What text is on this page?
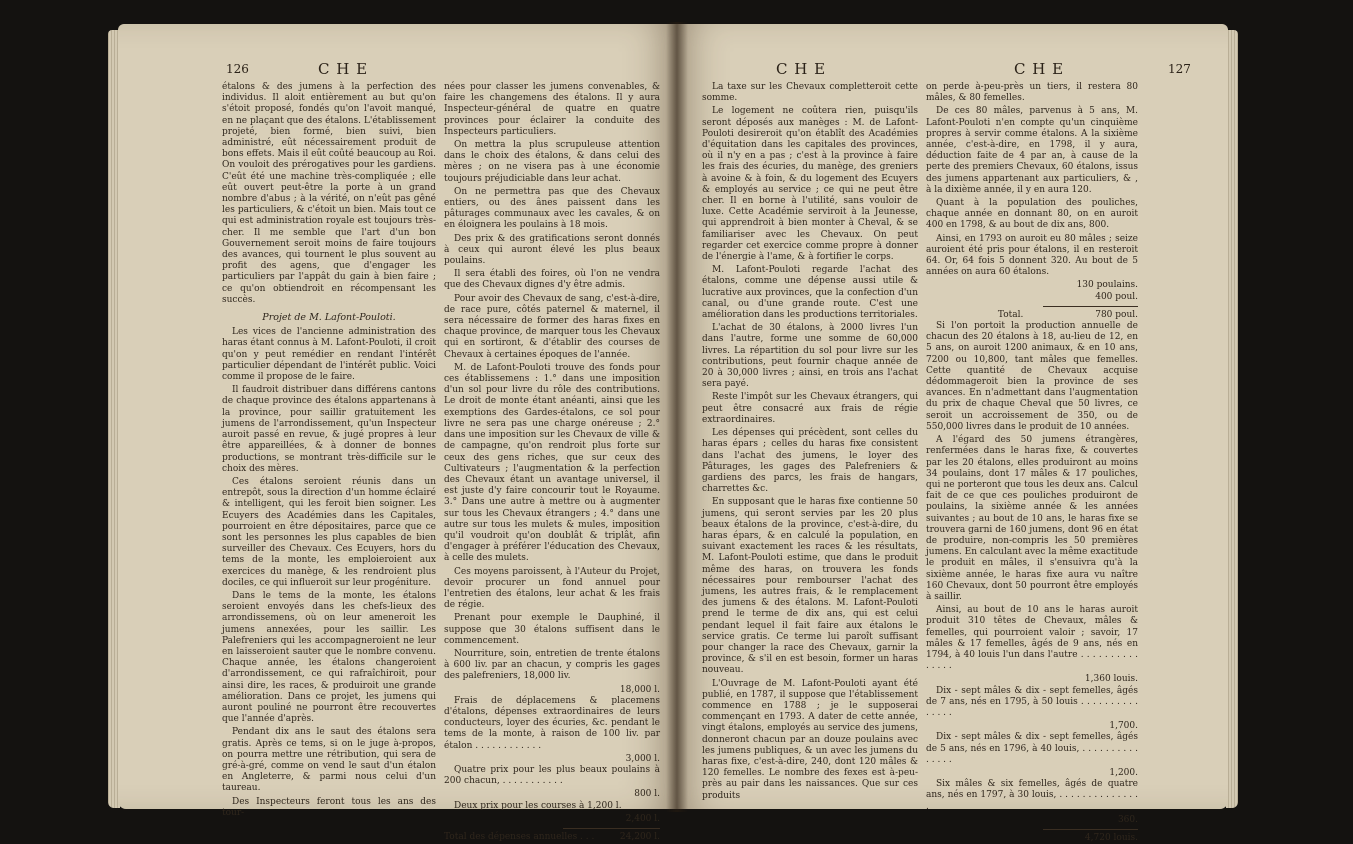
126	C H E

étalons & des jumens à la perfection des individus. Il aloit entièrement au but qu'on s'étoit proposé, fondés qu'on l'avoit manqué, en ne plaçant que des étalons. L'établissement projeté, bien formé, bien suivi, bien administré, eût nécessairement produit de bons effets. Mais il eût coûté beaucoup au Roi. On vouloit des prérogatives pour les gardiens. C'eût été une machine très-compliquée ; elle eût ouvert peut-être la porte à un grand nombre d'abus ; à la vérité, on n'eût pas gêné les particuliers, & c'étoit un bien. Mais tout ce qui est administration royale est toujours très-cher. Il me semble que l'art d'un bon Gouvernement seroit moins de faire toujours des avances, qui tournent le plus souvent au profit des agens, que d'engager les particuliers par l'appât du gain à bien faire ; ce qu'on obtiendroit en récompensant les succès.

Projet de M. Lafont-Pouloti.

Les vices de l'ancienne administration des haras étant connus à M. Lafont-Pouloti, il croit qu'on y peut remédier en rendant l'intérêt particulier dépendant de l'intérêt public. Voici comme il propose de le faire.

Il faudroit distribuer dans différens cantons de chaque province des étalons appartenans à la province, pour saillir gratuitement les jumens de l'arrondissement, qu'un Inspecteur auroit passé en revue, & jugé propres à leur être appareillées, & à donner de bonnes productions, se montrant très-difficile sur le choix des mères.

Ces étalons seroient réunis dans un entrepôt, sous la direction d'un homme éclairé & intelligent, qui les feroit bien soigner. Les Ecuyers des Académies dans les Capitales, pourroient en être dépositaires, parce que ce sont les personnes les plus capables de bien surveiller des Chevaux. Ces Ecuyers, hors du tems de la monte, les emploieroient aux exercices du manège, & les rendroient plus dociles, ce qui influeroit sur leur progéniture.

Dans le tems de la monte, les étalons seroient envoyés dans les chefs-lieux des arrondissemens, où on leur ameneroit les jumens annexées, pour les saillir. Les Palefreniers qui les accompagneroient ne leur en laisseroient sauter que le nombre convenu. Chaque année, les étalons changeroient d'arrondissement, ce qui rafraîchiroit, pour ainsi dire, les races, & produiroit une grande amélioration. Dans ce projet, les jumens qui auront pouliné ne pourront être recouvertes que l'année d'après.

Pendant dix ans le saut des étalons sera gratis. Après ce tems, si on le juge à-propos, on pourra mettre une rétribution, qui sera de gré-à-gré, comme on vend le saut d'un étalon en Angleterre, & parmi nous celui d'un taureau.

Des Inspecteurs feront tous les ans des tour-

nées pour classer les jumens convenables, & faire les changemens des étalons. Il y aura Inspecteur-général de quatre en quatre provinces pour éclairer la conduite des Inspecteurs particuliers.

On mettra la plus scrupuleuse attention dans le choix des étalons, & dans celui des mères ; on ne visera pas à une économie toujours préjudiciable dans leur achat.

On ne permettra pas que des Chevaux entiers, ou des ânes paissent dans les pâturages communaux avec les cavales, & on en éloignera les poulains à 18 mois.

Des prix & des gratifications seront donnés à ceux qui auront élevé les plus beaux poulains.

Il sera établi des foires, où l'on ne vendra que des Chevaux dignes d'y être admis.

Pour avoir des Chevaux de sang, c'est-à-dire, de race pure, côtés paternel & maternel, il sera nécessaire de former des haras fixes en chaque province, de marquer tous les Chevaux qui en sortiront, & d'établir des courses de Chevaux à certaines époques de l'année.

M. de Lafont-Pouloti trouve des fonds pour ces établissemens : 1.° dans une imposition d'un sol pour livre du rôle des contributions. Le droit de monte étant anéanti, ainsi que les exemptions des Gardes-étalons, ce sol pour livre ne sera pas une charge onéreuse ; 2.° dans une imposition sur les Chevaux de ville & de campagne, qu'on rendroit plus forte sur ceux des gens riches, que sur ceux des Cultivateurs ; l'augmentation & la perfection des Chevaux étant un avantage universel, il est juste d'y faire concourir tout le Royaume. 3.° Dans une autre à mettre ou à augmenter sur tous les Chevaux étrangers ; 4.° dans une autre sur tous les mulets & mules, imposition qu'il voudroit qu'on doublât & triplât, afin d'engager à préférer l'éducation des Chevaux, à celle des mulets.

Ces moyens paroissent, à l'Auteur du Projet, devoir procurer un fond annuel pour l'entretien des étalons, leur achat & les frais de régie.

Prenant pour exemple le Dauphiné, il suppose que 30 étalons suffisent dans le commencement.

Nourriture, soin, entretien de trente étalons à 600 liv. par an chacun, y compris les gages des palefreniers, 18,000 liv.

18,000 l.

Frais de déplacemens & placemens d'étalons, dépenses extraordinaires de leurs conducteurs, loyer des écuries, &c. pendant le tems de la monte, à raison de 100 liv. par étalon . . . . . . . . . . . .

3,000 l.

Quatre prix pour les plus beaux poulains à 200 chacun, . . . . . . . . . . .

800 l.

Deux prix pour les courses à 1,200 l.

2,400 l.
Total des dépenses annuelles . . .	24,200 l.
C H E	C H E	127

La taxe sur les Chevaux completteroit cette somme.

Le logement ne coûtera rien, puisqu'ils seront déposés aux manèges : M. de Lafont-Pouloti desireroit qu'on établît des Académies d'équitation dans les capitales des provinces, où il n'y en a pas ; c'est à la province à faire les frais des écuries, du manège, des greniers à avoine & à foin, & du logement des Ecuyers & employés au service ; ce qui ne peut être cher. Il en borne à l'utilité, sans vouloir de luxe. Cette Académie serviroit à la Jeunesse, qui apprendroit à bien monter à Cheval, & se familiariser avec les Chevaux. On peut regarder cet exercice comme propre à donner de l'énergie à l'ame, & à fortifier le corps.

M. Lafont-Pouloti regarde l'achat des étalons, comme une dépense aussi utile & lucrative aux provinces, que la confection d'un canal, ou d'une grande route. C'est une amélioration dans les productions territoriales.

L'achat de 30 étalons, à 2000 livres l'un dans l'autre, forme une somme de 60,000 livres. La répartition du sol pour livre sur les contributions, peut fournir chaque année de 20 à 30,000 livres ; ainsi, en trois ans l'achat sera payé.

Reste l'impôt sur les Chevaux étrangers, qui peut être consacré aux frais de régie extraordinaires.

Les dépenses qui précèdent, sont celles du haras épars ; celles du haras fixe consistent dans l'achat des jumens, le loyer des Pâturages, les gages des Palefreniers & gardiens des parcs, les frais de hangars, charrettes &c.

En supposant que le haras fixe contienne 50 jumens, qui seront servies par les 20 plus beaux étalons de la province, c'est-à-dire, du haras épars, & en calculé la population, en suivant exactement les races & les résultats, M. Lafont-Pouloti estime, que dans le produit même des haras, on trouvera les fonds nécessaires pour rembourser l'achat des jumens, les autres frais, & le remplacement des jumens & des étalons. M. Lafont-Pouloti prend le terme de dix ans, qui est celui pendant lequel il fait faire aux étalons le service gratis. Ce terme lui paroît suffisant pour changer la race des Chevaux, garnir la province, & s'il en est besoin, former un haras nouveau.

L'Ouvrage de M. Lafont-Pouloti ayant été publié, en 1787, il suppose que l'établissement commence en 1788 ; je le supposerai commençant en 1793. A dater de cette année, vingt étalons, employés au service des jumens, donneront chacun par an douze poulains avec les jumens publiques, & un avec les jumens du haras fixe, c'est-à-dire, 240, dont 120 mâles & 120 femelles. Le nombre des fexes est à-peu-près au pair dans les naissances. Que sur ces produits

on perde à-peu-près un tiers, il restera 80 mâles, & 80 femelles.

De ces 80 mâles, parvenus à 5 ans, M. Lafont-Pouloti n'en compte qu'un cinquième propres à servir comme étalons. A la sixième année, c'est-à-dire, en 1798, il y aura, déduction faite de 4 par an, à cause de la perte des premiers Chevaux, 60 étalons, issus des jumens appartenant aux particuliers, & , à la dixième année, il y en aura 120.

Quant à la population des pouliches, chaque année en donnant 80, on en auroit 400 en 1798, & au bout de dix ans, 800.

Ainsi, en 1793 on auroit eu 80 mâles ; seize auroient été pris pour étalons, il en resteroit 64. Or, 64 fois 5 donnent 320. Au bout de 5 années on aura 60 étalons.

130 poulains.
400 poul.
Total.	780 poul.

Si l'on portoit la production annuelle de chacun des 20 étalons à 18, au-lieu de 12, en 5 ans, on auroit 1200 animaux, & en 10 ans, 7200 ou 10,800, tant mâles que femelles. Cette quantité de Chevaux acquise dédommageroit bien la province de ses avances. En n'admettant dans l'augmentation du prix de chaque Cheval que 50 livres, ce seroit un accroissement de 350, ou de 550,000 livres dans le produit de 10 années.

A l'égard des 50 jumens étrangères, renfermées dans le haras fixe, & couvertes par les 20 étalons, elles produiront au moins 34 poulains, dont 17 mâles & 17 pouliches, qui ne porteront que tous les deux ans. Calcul fait de ce que ces pouliches produiront de poulains, la sixième année & les années suivantes ; au bout de 10 ans, le haras fixe se trouvera garni de 160 jumens, dont 96 en état de produire, non-compris les 50 premières jumens. En calculant avec la même exactitude le produit en mâles, il s'ensuivra qu'à la sixième année, le haras fixe aura vu naître 160 Chevaux, dont 50 pourront être employés à saillir.

Ainsi, au bout de 10 ans le haras auroit produit 310 têtes de Chevaux, mâles & femelles, qui pourroient valoir ; savoir, 17 mâles & 17 femelles, âgés de 9 ans, nés en 1794, à 40 louis l'un dans l'autre . . . . . . . . . . . . . . .

1,360 louis.

Dix - sept mâles & dix - sept femelles, âgés de 7 ans, nés en 1795, à 50 louis . . . . . . . . . . . . . . .

1,700.

Dix - sept mâles & dix - sept femelles, âgés de 5 ans, nés en 1796, à 40 louis, . . . . . . . . . . . . . . .

1,200.

Six mâles & six femelles, âgés de quatre ans, nés en 1797, à 30 louis, . . . . . . . . . . . . . . .

360.
4,720 louis.
